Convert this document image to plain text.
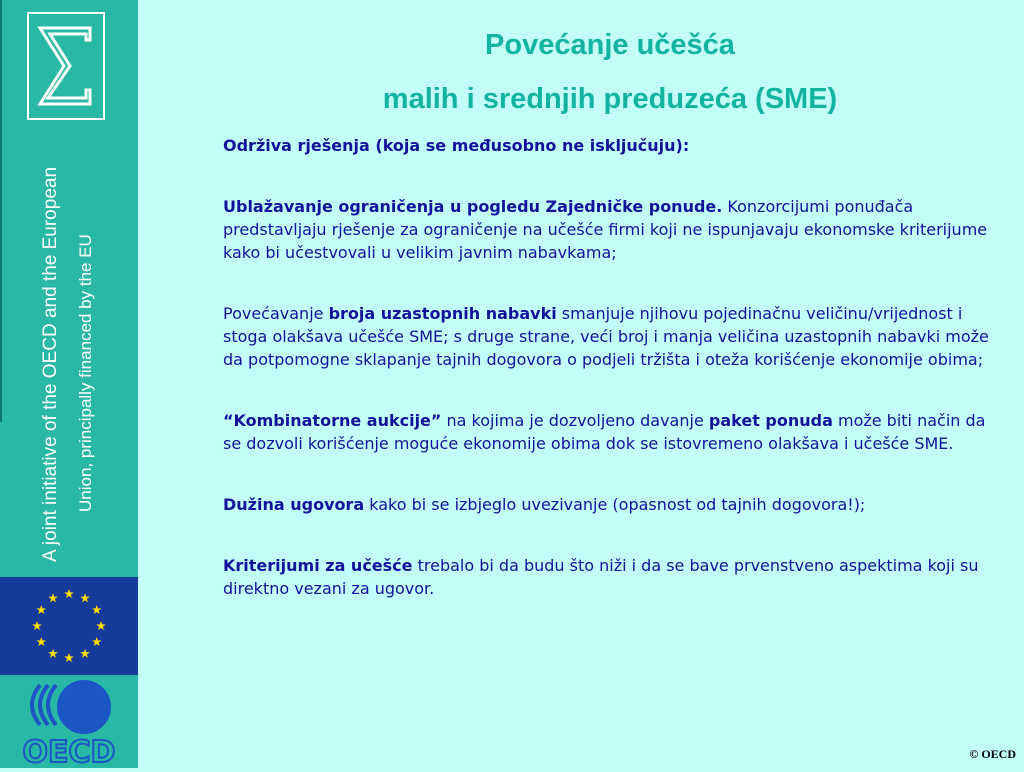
A joint initiative of the OECD and the European Union, principally financed by the EU
OECD
Povećanje učešća
malih i srednjih preduzeća (SME)

Održiva rješenja (koja se međusobno ne isključuju):

Ublažavanje ograničenja u pogledu Zajedničke ponude. Konzorcijumi ponuđača predstavljaju rješenje za ograničenje na učešće firmi koji ne ispunjavaju ekonomske kriterijume kako bi učestvovali u velikim javnim nabavkama;

Povećavanje broja uzastopnih nabavki smanjuje njihovu pojedinačnu veličinu/vrijednost i stoga olakšava učešće SME; s druge strane, veći broj i manja veličina uzastopnih nabavki može da potpomogne sklapanje tajnih dogovora o podjeli tržišta i oteža korišćenje ekonomije obima;

“Kombinatorne aukcije” na kojima je dozvoljeno davanje paket ponuda može biti način da se dozvoli korišćenje moguće ekonomije obima dok se istovremeno olakšava i učešće SME.

Dužina ugovora kako bi se izbjeglo uvezivanje (opasnost od tajnih dogovora!);

Kriterijumi za učešće trebalo bi da budu što niži i da se bave prvenstveno aspektima koji su direktno vezani za ugovor.

© OECD
